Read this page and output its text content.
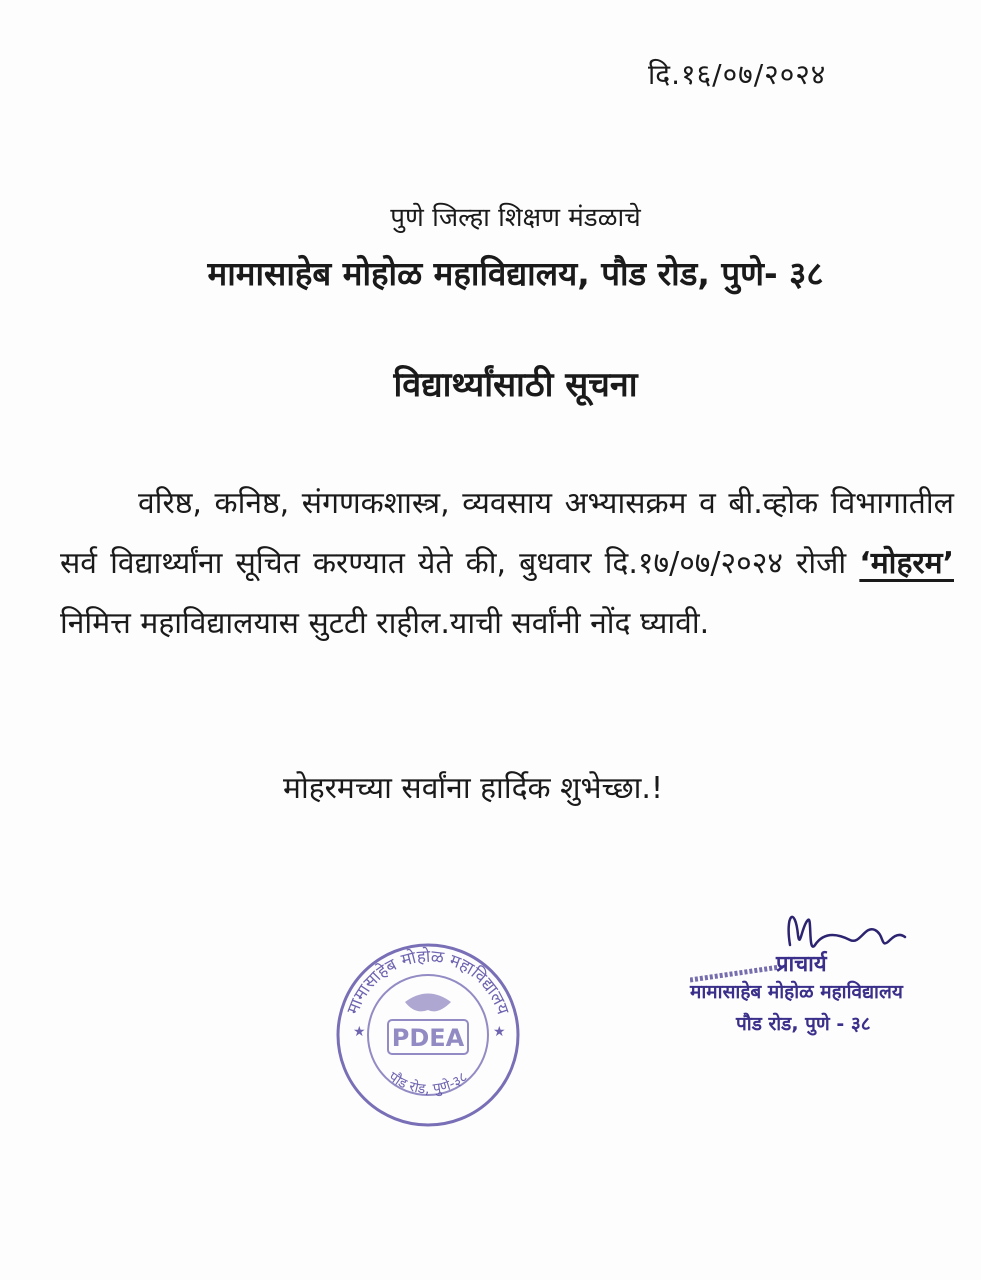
दि.१६/०७/२०२४
पुणे जिल्हा शिक्षण मंडळाचे
मामासाहेब मोहोळ महाविद्यालय, पौड रोड, पुणे- ३८
विद्यार्थ्यांसाठी सूचना
वरिष्ठ, कनिष्ठ, संगणकशास्त्र, व्यवसाय अभ्यासक्रम व बी.व्होक विभागातील सर्व विद्यार्थ्यांना सूचित करण्यात येते की, बुधवार दि.१७/०७/२०२४ रोजी ‘मोहरम’ निमित्त महाविद्यालयास सुटटी राहील.याची सर्वांनी नोंद घ्यावी.
मोहरमच्या सर्वांना हार्दिक शुभेच्छा.!
मामासाहेब मोहोळ महाविद्यालय
पौड रोड, पुणे-३८
★	★
PDEA
प्राचार्य
मामासाहेब मोहोळ महाविद्यालय
पौड रोड, पुणे - ३८
